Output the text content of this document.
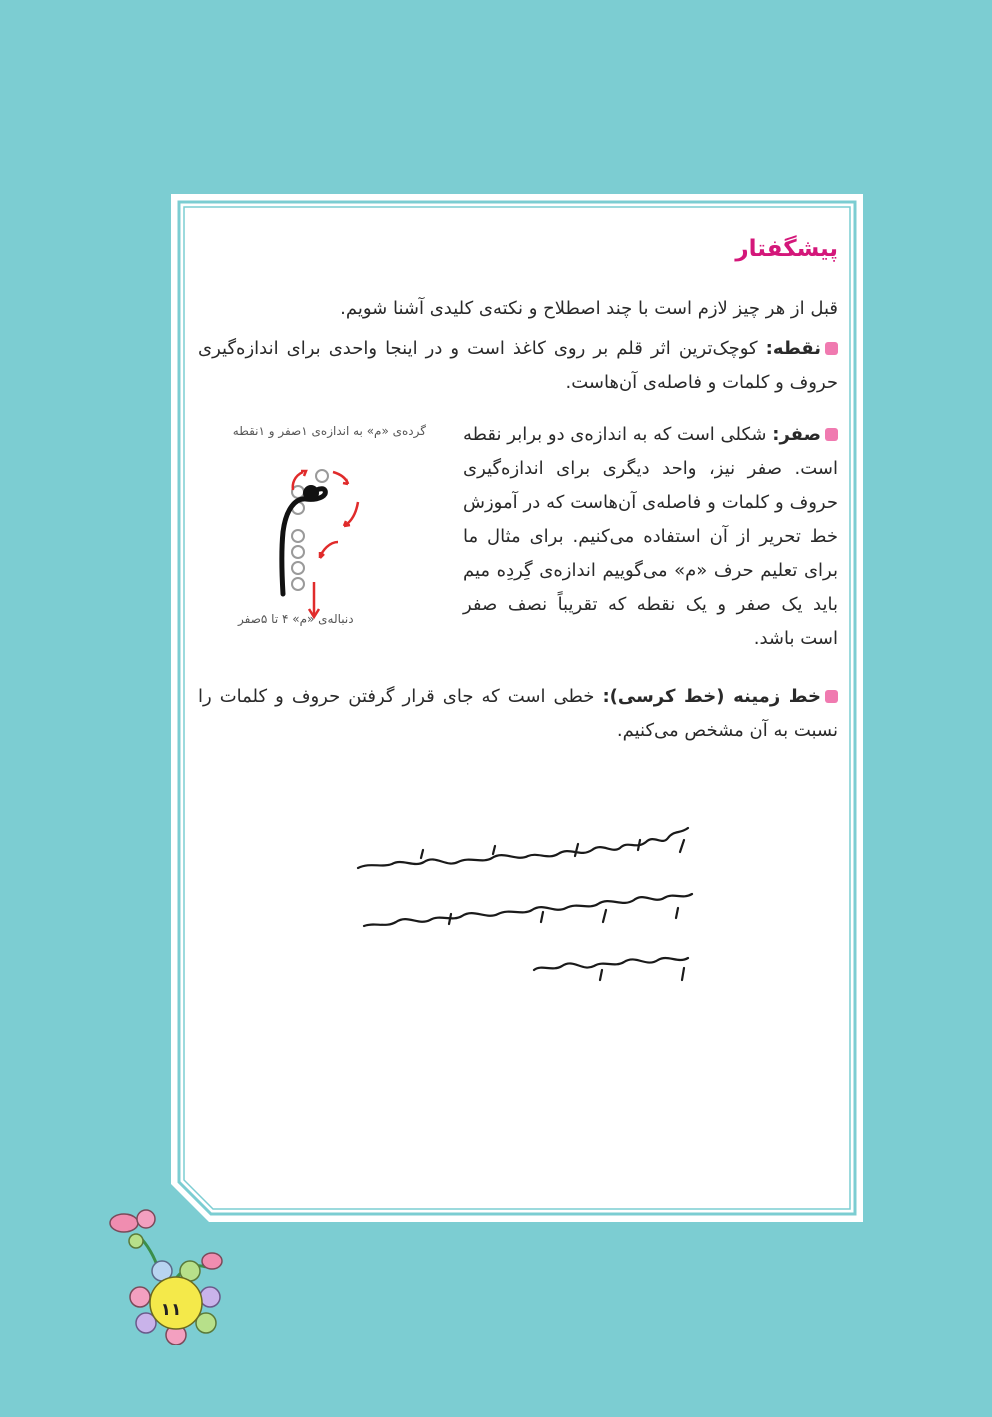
پیشگفتار
قبل از هر چیز لازم است با چند اصطلاح و نکته‌ی کلیدی آشنا شویم.
نقطه: کوچک‌ترین اثر قلم بر روی کاغذ است و در اینجا واحدی برای اندازه‌گیری حروف و کلمات و فاصله‌ی آن‌هاست.
صفر: شکلی است که به اندازه‌ی دو برابر نقطه است. صفر نیز، واحد دیگری برای اندازه‌گیری حروف و کلمات و فاصله‌ی آن‌هاست که در آموزش خط تحریر از آن استفاده می‌کنیم. برای مثال ما برای تعلیم حرف «م» می‌گوییم اندازه‌ی گِردِه میم باید یک صفر و یک نقطه که تقریباً نصف صفر است باشد.
خط زمینه (خط کرسی): خطی است که جای قرار گرفتن حروف و کلمات را نسبت به آن مشخص می‌کنیم.
گرده‌ی «م» به اندازه‌ی ۱صفر و ۱نقطه
دنباله‌ی «م» ۴ تا ۵صفر
۱۱
